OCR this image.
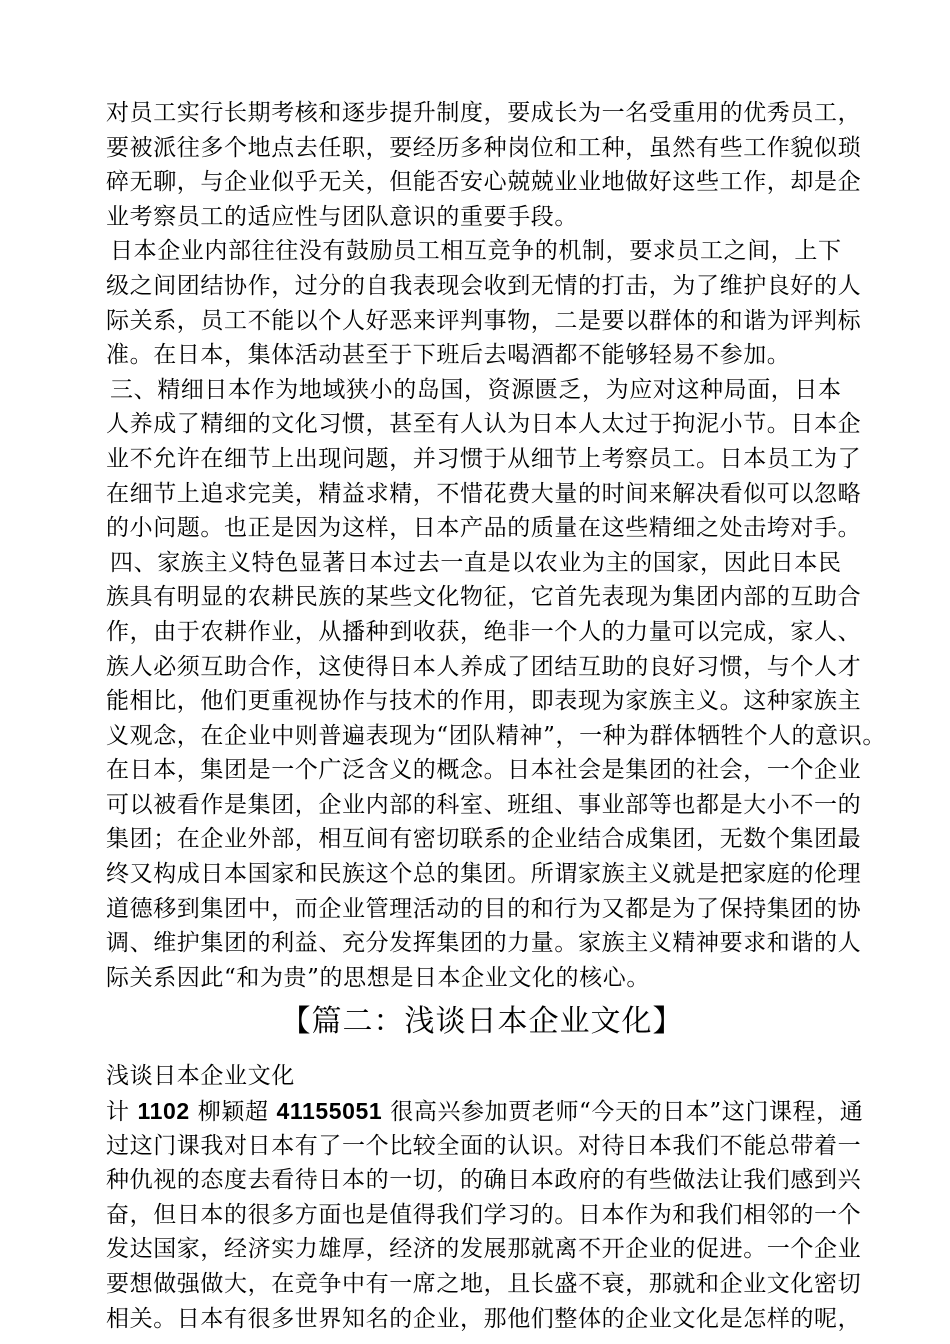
对员工实行长期考核和逐步提升制度，要成长为一名受重用的优秀员工，
要被派往多个地点去任职，要经历多种岗位和工种，虽然有些工作貌似琐
碎无聊，与企业似乎无关，但能否安心兢兢业业地做好这些工作，却是企
业考察员工的适应性与团队意识的重要手段。
日本企业内部往往没有鼓励员工相互竞争的机制，要求员工之间，上下
级之间团结协作，过分的自我表现会收到无情的打击，为了维护良好的人
际关系，员工不能以个人好恶来评判事物，二是要以群体的和谐为评判标
准。在日本，集体活动甚至于下班后去喝酒都不能够轻易不参加。
三、精细日本作为地域狭小的岛国，资源匮乏，为应对这种局面，日本
人养成了精细的文化习惯，甚至有人认为日本人太过于拘泥小节。日本企
业不允许在细节上出现问题，并习惯于从细节上考察员工。日本员工为了
在细节上追求完美，精益求精，不惜花费大量的时间来解决看似可以忽略
的小问题。也正是因为这样，日本产品的质量在这些精细之处击垮对手。
四、家族主义特色显著日本过去一直是以农业为主的国家，因此日本民
族具有明显的农耕民族的某些文化物征，它首先表现为集团内部的互助合
作，由于农耕作业，从播种到收获，绝非一个人的力量可以完成，家人、
族人必须互助合作，这使得日本人养成了团结互助的良好习惯，与个人才
能相比，他们更重视协作与技术的作用，即表现为家族主义。这种家族主
义观念，在企业中则普遍表现为“团队精神”，一种为群体牺牲个人的意识。
在日本，集团是一个广泛含义的概念。日本社会是集团的社会，一个企业
可以被看作是集团，企业内部的科室、班组、事业部等也都是大小不一的
集团；在企业外部，相互间有密切联系的企业结合成集团，无数个集团最
终又构成日本国家和民族这个总的集团。所谓家族主义就是把家庭的伦理
道德移到集团中，而企业管理活动的目的和行为又都是为了保持集团的协
调、维护集团的利益、充分发挥集团的力量。家族主义精神要求和谐的人
际关系因此“和为贵”的思想是日本企业文化的核心。
【篇二：浅谈日本企业文化】
浅谈日本企业文化
计 1102 柳颖超 41155051 很高兴参加贾老师“今天的日本”这门课程，通
过这门课我对日本有了一个比较全面的认识。对待日本我们不能总带着一
种仇视的态度去看待日本的一切，的确日本政府的有些做法让我们感到兴
奋，但日本的很多方面也是值得我们学习的。日本作为和我们相邻的一个
发达国家，经济实力雄厚，经济的发展那就离不开企业的促进。一个企业
要想做强做大，在竞争中有一席之地，且长盛不衰，那就和企业文化密切
相关。日本有很多世界知名的企业，那他们整体的企业文化是怎样的呢，
